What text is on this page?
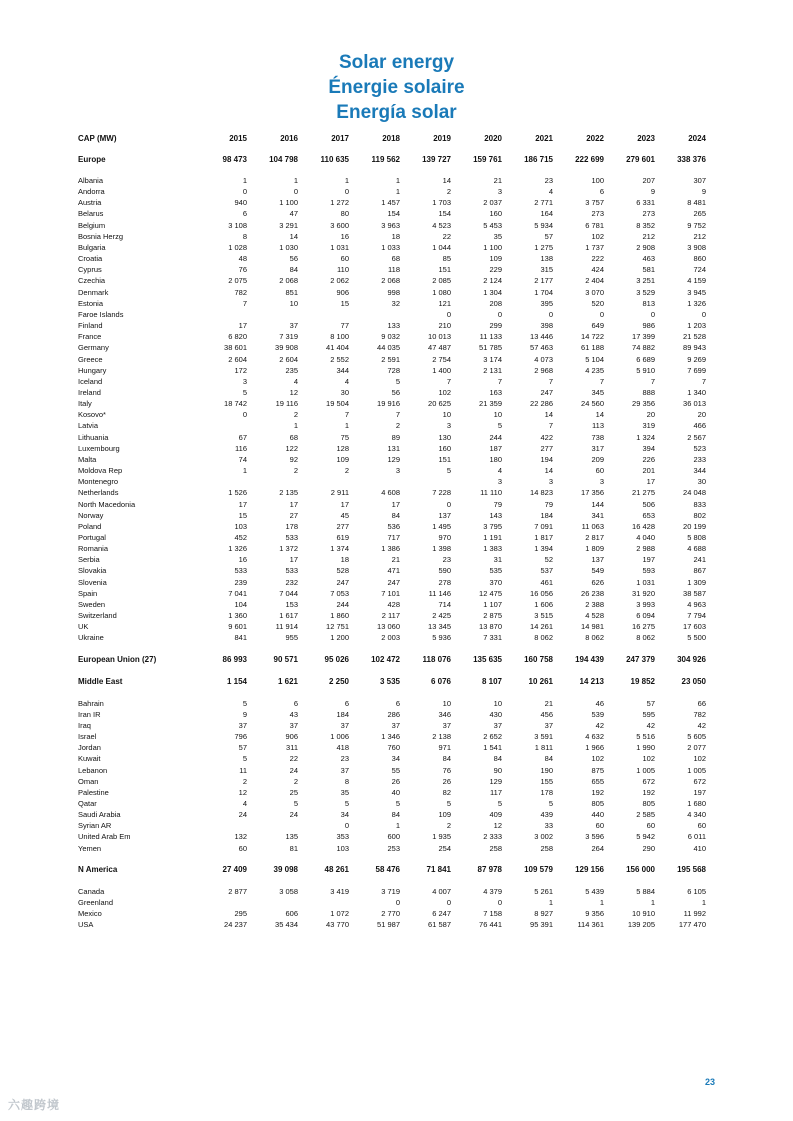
Solar energy
Énergie solaire
Energía solar
CAP (MW)	2015	2016	2017	2018	2019	2020	2021	2022	2023	2024

Europe	98 473	104 798	110 635	119 562	139 727	159 761	186 715	222 699	279 601	338 376

Albania	1	1	1	1	14	21	23	100	207	307
Andorra	0	0	0	1	2	3	4	6	9	9
Austria	940	1 100	1 272	1 457	1 703	2 037	2 771	3 757	6 331	8 481
Belarus	6	47	80	154	154	160	164	273	273	265
Belgium	3 108	3 291	3 600	3 963	4 523	5 453	5 934	6 781	8 352	9 752
Bosnia Herzg	8	14	16	18	22	35	57	102	212	212
Bulgaria	1 028	1 030	1 031	1 033	1 044	1 100	1 275	1 737	2 908	3 908
Croatia	48	56	60	68	85	109	138	222	463	860
Cyprus	76	84	110	118	151	229	315	424	581	724
Czechia	2 075	2 068	2 062	2 068	2 085	2 124	2 177	2 404	3 251	4 159
Denmark	782	851	906	998	1 080	1 304	1 704	3 070	3 529	3 945
Estonia	7	10	15	32	121	208	395	520	813	1 326
Faroe Islands					0	0	0	0	0	0
Finland	17	37	77	133	210	299	398	649	986	1 203
France	6 820	7 319	8 100	9 032	10 013	11 133	13 446	14 722	17 399	21 528
Germany	38 601	39 908	41 404	44 035	47 487	51 785	57 463	61 188	74 882	89 943
Greece	2 604	2 604	2 552	2 591	2 754	3 174	4 073	5 104	6 689	9 269
Hungary	172	235	344	728	1 400	2 131	2 968	4 235	5 910	7 699
Iceland	3	4	4	5	7	7	7	7	7	7
Ireland	5	12	30	56	102	163	247	345	888	1 340
Italy	18 742	19 116	19 504	19 916	20 625	21 359	22 286	24 560	29 356	36 013
Kosovo*	0	2	7	7	10	10	14	14	20	20
Latvia		1	1	2	3	5	7	113	319	466
Lithuania	67	68	75	89	130	244	422	738	1 324	2 567
Luxembourg	116	122	128	131	160	187	277	317	394	523
Malta	74	92	109	129	151	180	194	209	226	233
Moldova Rep	1	2	2	3	5	4	14	60	201	344
Montenegro						3	3	3	17	30
Netherlands	1 526	2 135	2 911	4 608	7 228	11 110	14 823	17 356	21 275	24 048
North Macedonia	17	17	17	17	0	79	79	144	506	833
Norway	15	27	45	84	137	143	184	341	653	802
Poland	103	178	277	536	1 495	3 795	7 091	11 063	16 428	20 199
Portugal	452	533	619	717	970	1 191	1 817	2 817	4 040	5 808
Romania	1 326	1 372	1 374	1 386	1 398	1 383	1 394	1 809	2 988	4 688
Serbia	16	17	18	21	23	31	52	137	197	241
Slovakia	533	533	528	471	590	535	537	549	593	867
Slovenia	239	232	247	247	278	370	461	626	1 031	1 309
Spain	7 041	7 044	7 053	7 101	11 146	12 475	16 056	26 238	31 920	38 587
Sweden	104	153	244	428	714	1 107	1 606	2 388	3 993	4 963
Switzerland	1 360	1 617	1 860	2 117	2 425	2 875	3 515	4 528	6 094	7 794
UK	9 601	11 914	12 751	13 060	13 345	13 870	14 261	14 981	16 275	17 603
Ukraine	841	955	1 200	2 003	5 936	7 331	8 062	8 062	8 062	5 500

European Union (27)	86 993	90 571	95 026	102 472	118 076	135 635	160 758	194 439	247 379	304 926

Middle East	1 154	1 621	2 250	3 535	6 076	8 107	10 261	14 213	19 852	23 050

Bahrain	5	6	6	6	10	10	21	46	57	66
Iran IR	9	43	184	286	346	430	456	539	595	782
Iraq	37	37	37	37	37	37	37	42	42	42
Israel	796	906	1 006	1 346	2 138	2 652	3 591	4 632	5 516	5 605
Jordan	57	311	418	760	971	1 541	1 811	1 966	1 990	2 077
Kuwait	5	22	23	34	84	84	84	102	102	102
Lebanon	11	24	37	55	76	90	190	875	1 005	1 005
Oman	2	2	8	26	26	129	155	655	672	672
Palestine	12	25	35	40	82	117	178	192	192	197
Qatar	4	5	5	5	5	5	5	805	805	1 680
Saudi Arabia	24	24	34	84	109	409	439	440	2 585	4 340
Syrian AR			0	1	2	12	33	60	60	60
United Arab Em	132	135	353	600	1 935	2 333	3 002	3 596	5 942	6 011
Yemen	60	81	103	253	254	258	258	264	290	410

N America	27 409	39 098	48 261	58 476	71 841	87 978	109 579	129 156	156 000	195 568

Canada	2 877	3 058	3 419	3 719	4 007	4 379	5 261	5 439	5 884	6 105
Greenland				0	0	0	1	1	1	1
Mexico	295	606	1 072	2 770	6 247	7 158	8 927	9 356	10 910	11 992
USA	24 237	35 434	43 770	51 987	61 587	76 441	95 391	114 361	139 205	177 470
23
六趣跨境
